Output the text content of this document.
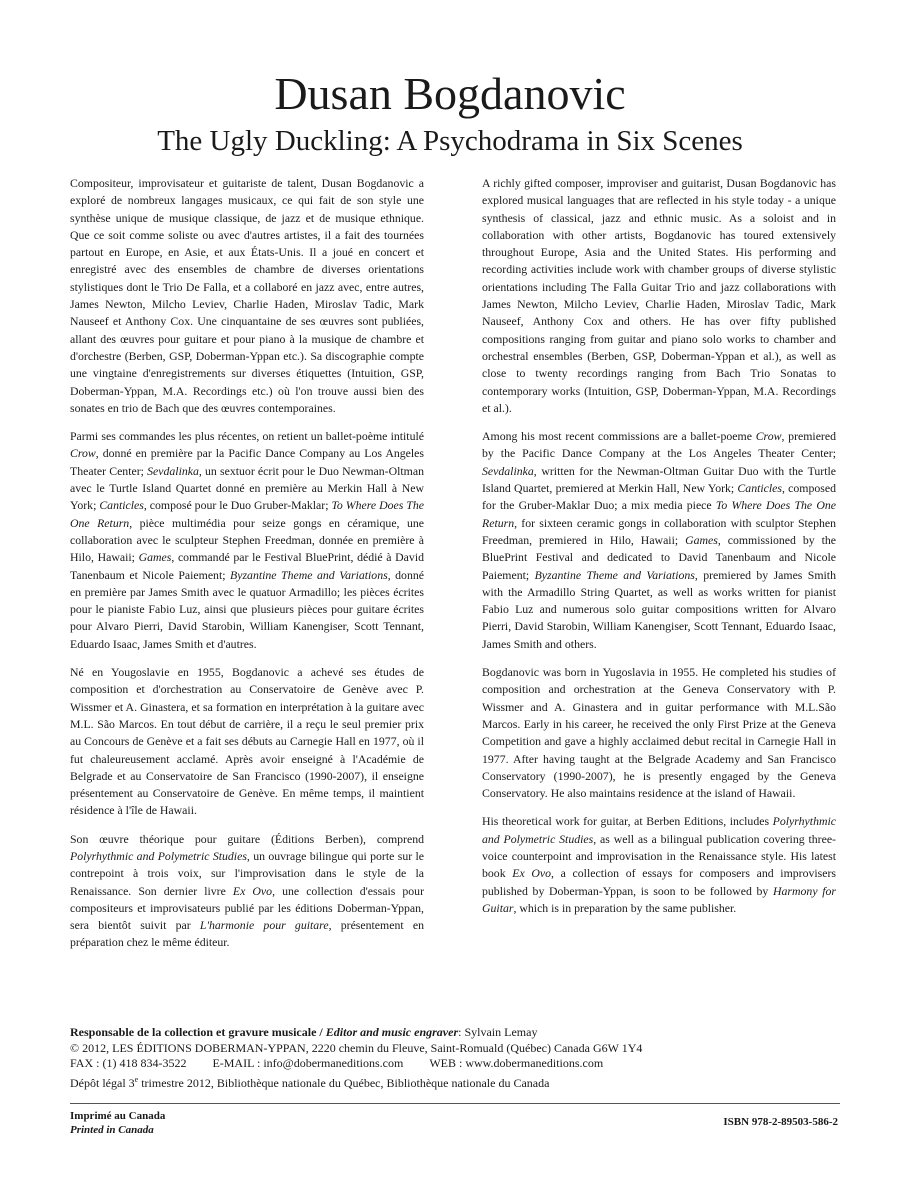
Dusan Bogdanovic
The Ugly Duckling: A Psychodrama in Six Scenes

Compositeur, improvisateur et guitariste de talent, Dusan Bogdanovic a exploré de nombreux langages musicaux, ce qui fait de son style une synthèse unique de musique classique, de jazz et de musique ethnique. Que ce soit comme soliste ou avec d'autres artistes, il a fait des tournées partout en Europe, en Asie, et aux États-Unis. Il a joué en concert et enregistré avec des ensembles de chambre de diverses orientations stylistiques dont le Trio De Falla, et a collaboré en jazz avec, entre autres, James Newton, Milcho Leviev, Charlie Haden, Miroslav Tadic, Mark Nauseef et Anthony Cox. Une cinquantaine de ses œuvres sont publiées, allant des œuvres pour guitare et pour piano à la musique de chambre et d'orchestre (Berben, GSP, Doberman-Yppan etc.). Sa discographie compte une vingtaine d'enregistrements sur diverses étiquettes (Intuition, GSP, Doberman-Yppan, M.A. Recordings etc.) où l'on trouve aussi bien des sonates en trio de Bach que des œuvres contemporaines.

Parmi ses commandes les plus récentes, on retient un ballet-poème intitulé Crow, donné en première par la Pacific Dance Company au Los Angeles Theater Center; Sevdalinka, un sextuor écrit pour le Duo Newman-Oltman avec le Turtle Island Quartet donné en première au Merkin Hall à New York; Canticles, composé pour le Duo Gruber-Maklar; To Where Does The One Return, pièce multimédia pour seize gongs en céramique, une collaboration avec le sculpteur Stephen Freedman, donnée en première à Hilo, Hawaii; Games, commandé par le Festival BluePrint, dédié à David Tanenbaum et Nicole Paiement; Byzantine Theme and Variations, donné en première par James Smith avec le quatuor Armadillo; les pièces écrites pour le pianiste Fabio Luz, ainsi que plusieurs pièces pour guitare écrites pour Alvaro Pierri, David Starobin, William Kanengiser, Scott Tennant, Eduardo Isaac, James Smith et d'autres.

Né en Yougoslavie en 1955, Bogdanovic a achevé ses études de composition et d'orchestration au Conservatoire de Genève avec P. Wissmer et A. Ginastera, et sa formation en interprétation à la guitare avec M.L. São Marcos. En tout début de carrière, il a reçu le seul premier prix au Concours de Genève et a fait ses débuts au Carnegie Hall en 1977, où il fut chaleureusement acclamé. Après avoir enseigné à l'Académie de Belgrade et au Conservatoire de San Francisco (1990-2007), il enseigne présentement au Conservatoire de Genève. En même temps, il maintient résidence à l'île de Hawaii.

Son œuvre théorique pour guitare (Éditions Berben), comprend Polyrhythmic and Polymetric Studies, un ouvrage bilingue qui porte sur le contrepoint à trois voix, sur l'improvisation dans le style de la Renaissance. Son dernier livre Ex Ovo, une collection d'essais pour compositeurs et improvisateurs publié par les éditions Doberman-Yppan, sera bientôt suivit par L'harmonie pour guitare, présentement en préparation chez le même éditeur.

A richly gifted composer, improviser and guitarist, Dusan Bogdanovic has explored musical languages that are reflected in his style today - a unique synthesis of classical, jazz and ethnic music. As a soloist and in collaboration with other artists, Bogdanovic has toured extensively throughout Europe, Asia and the United States. His performing and recording activities include work with chamber groups of diverse stylistic orientations including The Falla Guitar Trio and jazz collaborations with James Newton, Milcho Leviev, Charlie Haden, Miroslav Tadic, Mark Nauseef, Anthony Cox and others. He has over fifty published compositions ranging from guitar and piano solo works to chamber and orchestral ensembles (Berben, GSP, Doberman-Yppan et al.), as well as close to twenty recordings ranging from Bach Trio Sonatas to contemporary works (Intuition, GSP, Doberman-Yppan, M.A. Recordings et al.).

Among his most recent commissions are a ballet-poeme Crow, premiered by the Pacific Dance Company at the Los Angeles Theater Center; Sevdalinka, written for the Newman-Oltman Guitar Duo with the Turtle Island Quartet, premiered at Merkin Hall, New York; Canticles, composed for the Gruber-Maklar Duo; a mix media piece To Where Does The One Return, for sixteen ceramic gongs in collaboration with sculptor Stephen Freedman, premiered in Hilo, Hawaii; Games, commissioned by the BluePrint Festival and dedicated to David Tanenbaum and Nicole Paiement; Byzantine Theme and Variations, premiered by James Smith with the Armadillo String Quartet, as well as works written for pianist Fabio Luz and numerous solo guitar compositions written for Alvaro Pierri, David Starobin, William Kanengiser, Scott Tennant, Eduardo Isaac, James Smith and others.

Bogdanovic was born in Yugoslavia in 1955. He completed his studies of composition and orchestration at the Geneva Conservatory with P. Wissmer and A. Ginastera and in guitar performance with M.L.São Marcos. Early in his career, he received the only First Prize at the Geneva Competition and gave a highly acclaimed debut recital in Carnegie Hall in 1977. After having taught at the Belgrade Academy and San Francisco Conservatory (1990-2007), he is presently engaged by the Geneva Conservatory. He also maintains residence at the island of Hawaii.

His theoretical work for guitar, at Berben Editions, includes Polyrhythmic and Polymetric Studies, as well as a bilingual publication covering three- voice counterpoint and improvisation in the Renaissance style. His latest book Ex Ovo, a collection of essays for composers and improvisers published by Doberman-Yppan, is soon to be followed by Harmony for Guitar, which is in preparation by the same publisher.

Responsable de la collection et gravure musicale / Editor and music engraver: Sylvain Lemay
© 2012, LES ÉDITIONS DOBERMAN-YPPAN, 2220 chemin du Fleuve, Saint-Romuald (Québec) Canada G6W 1Y4
FAX : (1) 418 834-3522 E-MAIL : info@dobermaneditions.com WEB : www.dobermaneditions.com
Dépôt légal 3e trimestre 2012, Bibliothèque nationale du Québec, Bibliothèque nationale du Canada
Imprimé au Canada
Printed in Canada
ISBN 978-2-89503-586-2
